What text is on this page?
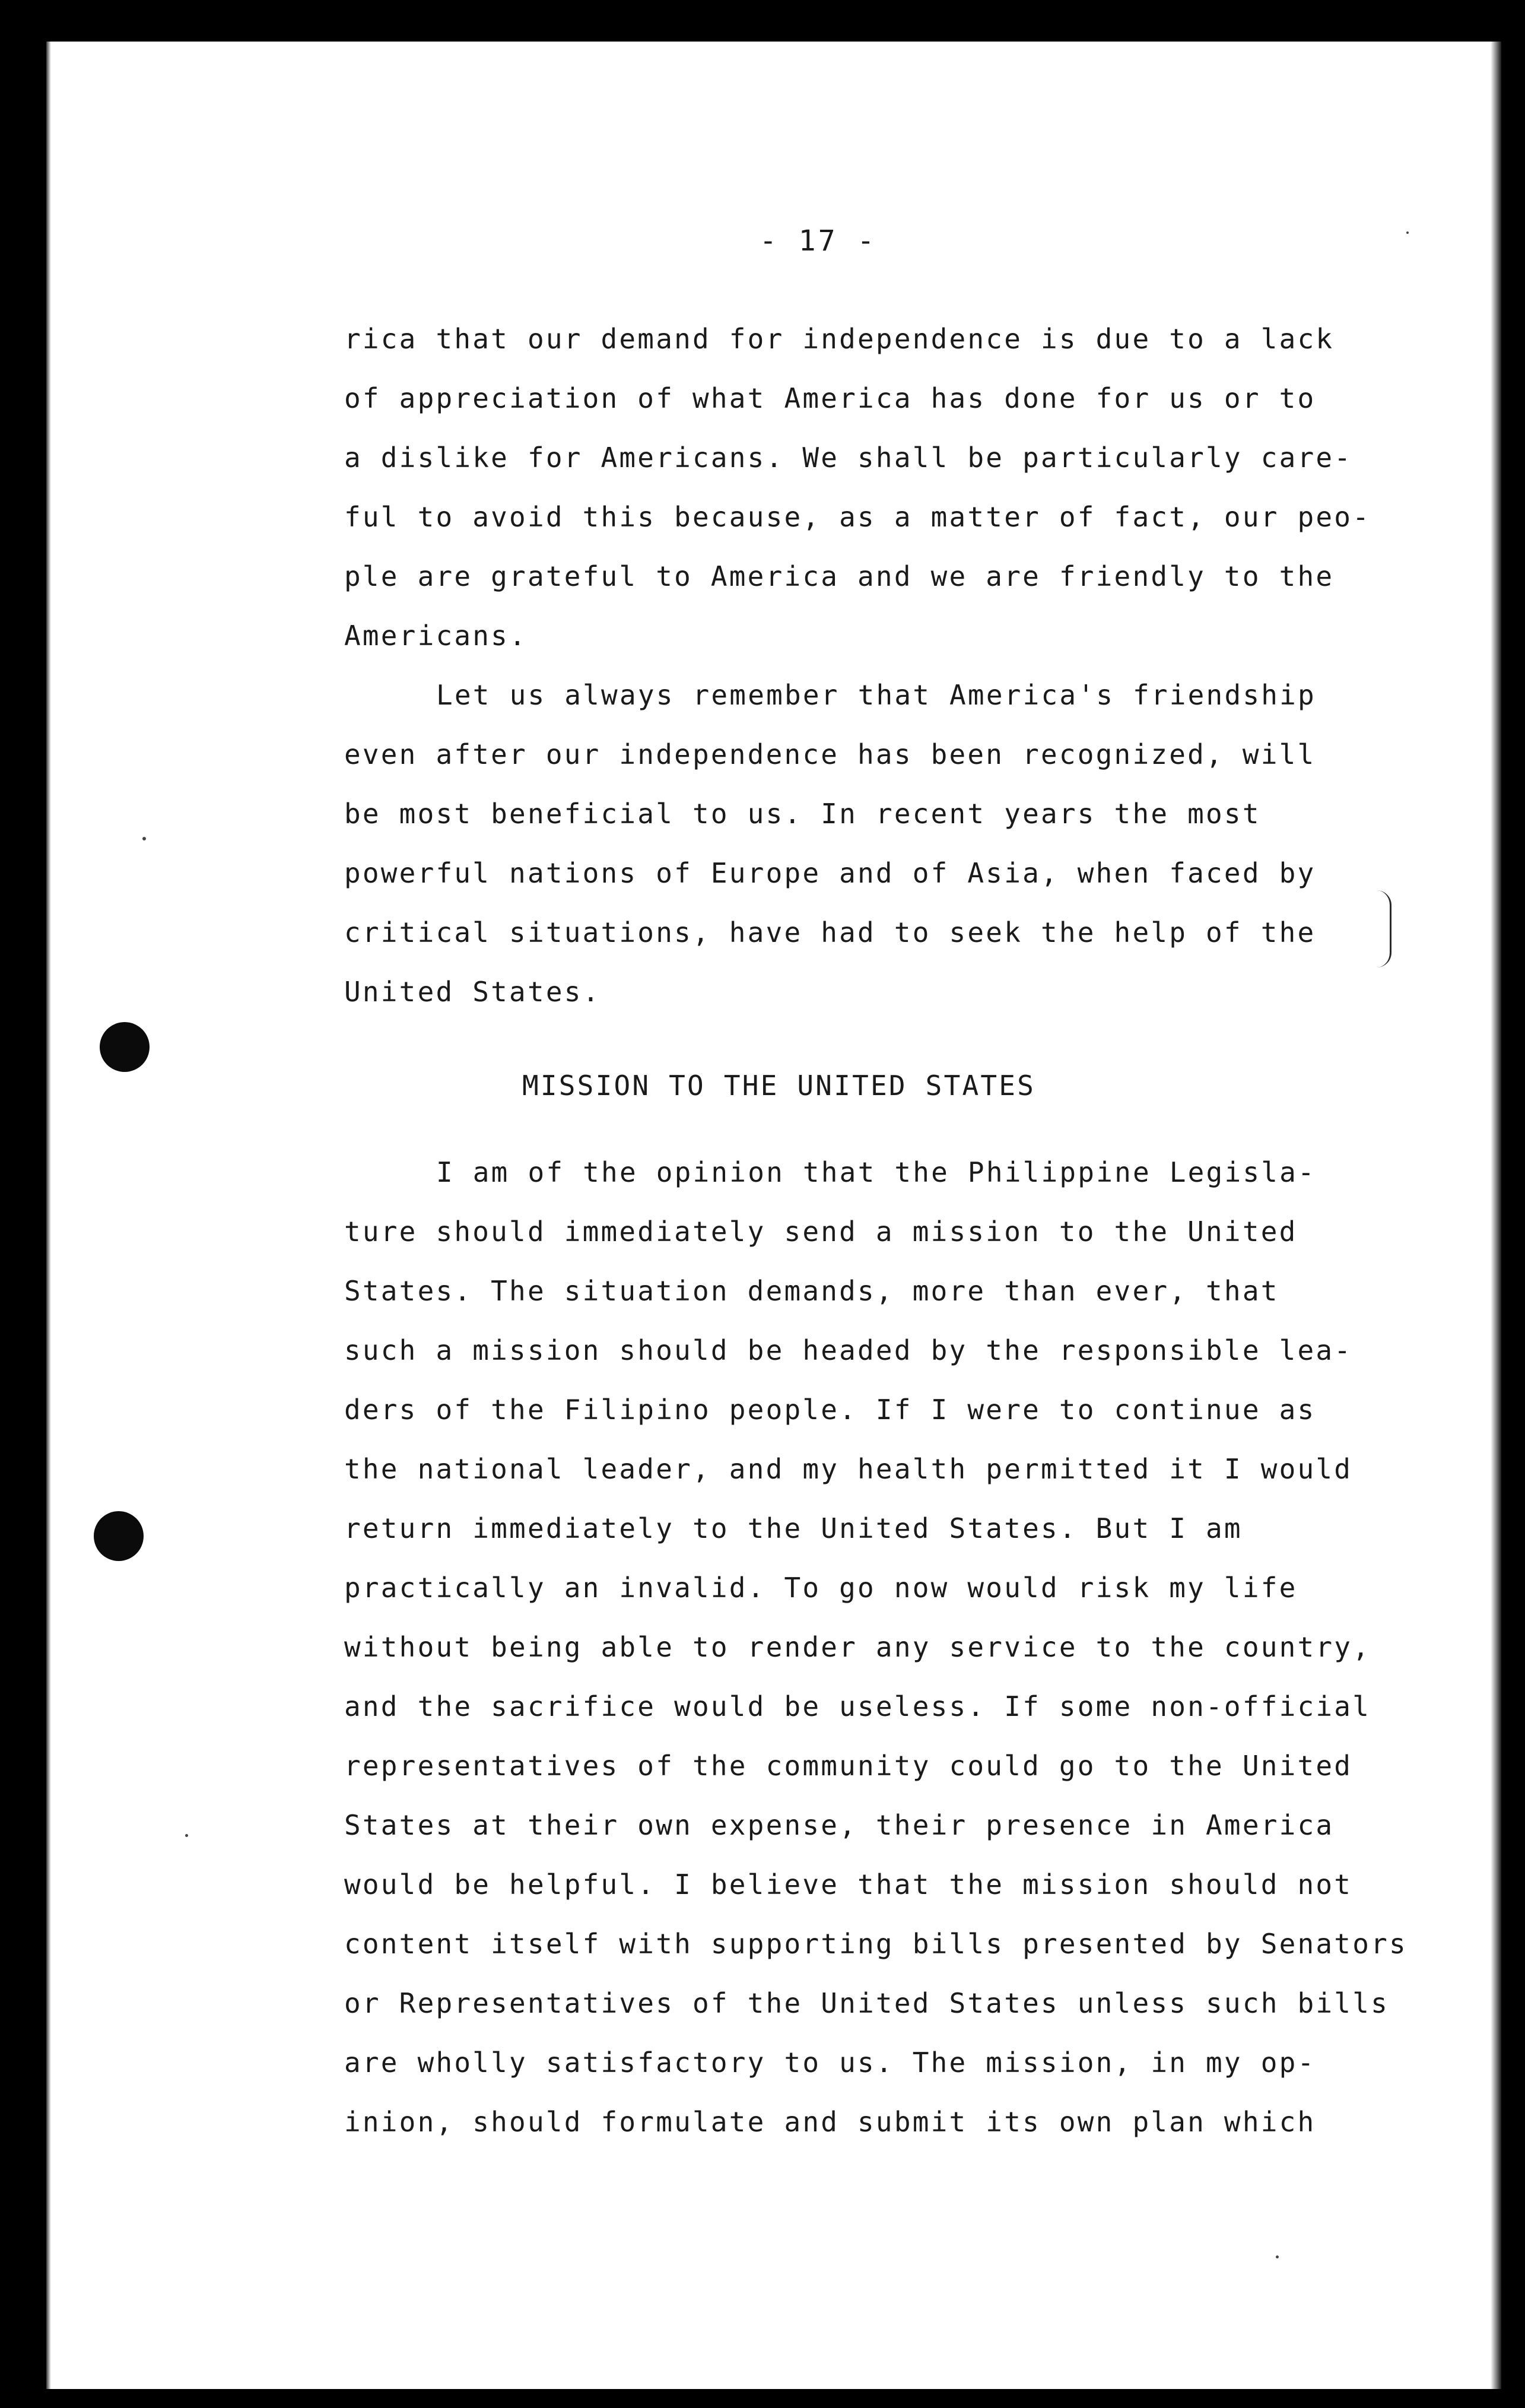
- 17 -
rica that our demand for independence is due to a lack
of appreciation of what America has done for us or to
a dislike for Americans. We shall be particularly care-
ful to avoid this because, as a matter of fact, our peo-
ple are grateful to America and we are friendly to the
Americans.
Let us always remember that America's friendship
even after our independence has been recognized, will
be most beneficial to us. In recent years the most
powerful nations of Europe and of Asia, when faced by
critical situations, have had to seek the help of the
United States.
MISSION TO THE UNITED STATES
I am of the opinion that the Philippine Legisla-
ture should immediately send a mission to the United
States. The situation demands, more than ever, that
such a mission should be headed by the responsible lea-
ders of the Filipino people. If I were to continue as
the national leader, and my health permitted it I would
return immediately to the United States. But I am
practically an invalid. To go now would risk my life
without being able to render any service to the country,
and the sacrifice would be useless. If some non-official
representatives of the community could go to the United
States at their own expense, their presence in America
would be helpful. I believe that the mission should not
content itself with supporting bills presented by Senators
or Representatives of the United States unless such bills
are wholly satisfactory to us. The mission, in my op-
inion, should formulate and submit its own plan which
